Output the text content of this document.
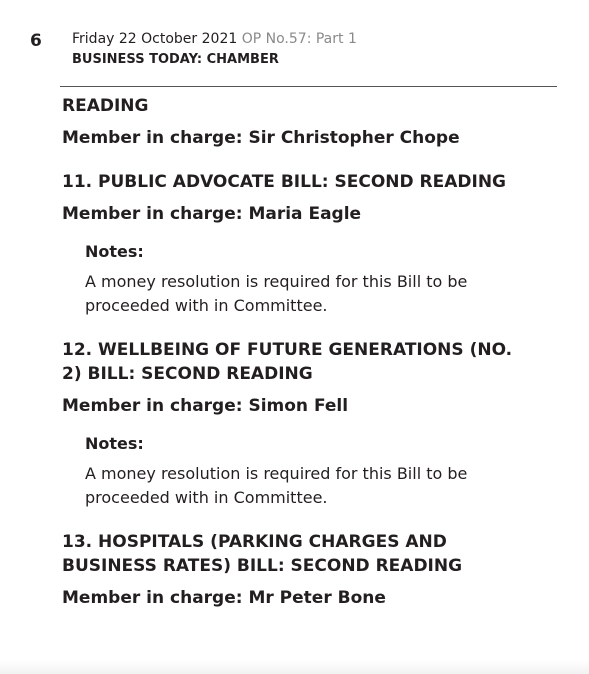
6 Friday 22 October 2021 OP No.57: Part 1
BUSINESS TODAY: CHAMBER
READING
Member in charge: Sir Christopher Chope
11. PUBLIC ADVOCATE BILL: SECOND READING
Member in charge: Maria Eagle
Notes:
A money resolution is required for this Bill to be proceeded with in Committee.
12. WELLBEING OF FUTURE GENERATIONS (NO. 2) BILL: SECOND READING
Member in charge: Simon Fell
Notes:
A money resolution is required for this Bill to be proceeded with in Committee.
13. HOSPITALS (PARKING CHARGES AND BUSINESS RATES) BILL: SECOND READING
Member in charge: Mr Peter Bone
